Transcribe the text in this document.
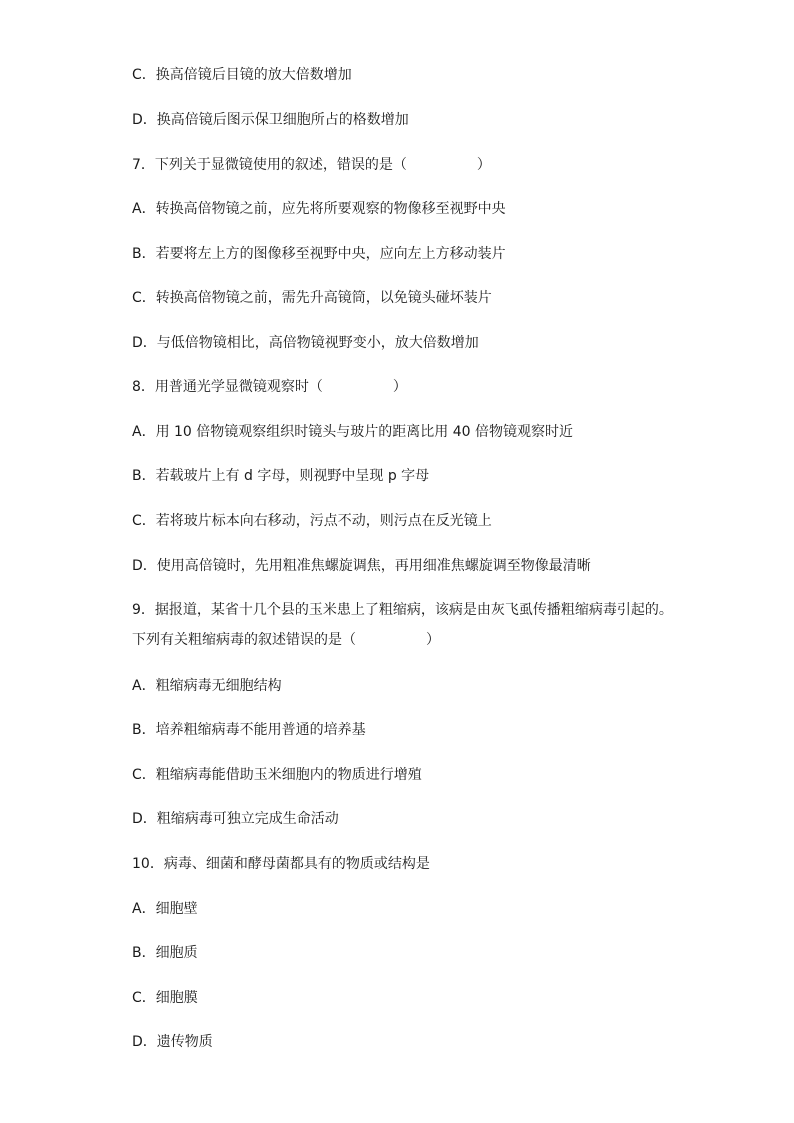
C．换高倍镜后目镜的放大倍数增加
D．换高倍镜后图示保卫细胞所占的格数增加
7．下列关于显微镜使用的叙述，错误的是（　　　　　）
A．转换高倍物镜之前，应先将所要观察的物像移至视野中央
B．若要将左上方的图像移至视野中央，应向左上方移动装片
C．转换高倍物镜之前，需先升高镜筒，以免镜头碰坏装片
D．与低倍物镜相比，高倍物镜视野变小，放大倍数增加
8．用普通光学显微镜观察时（　　　　　）
A．用 10 倍物镜观察组织时镜头与玻片的距离比用 40 倍物镜观察时近
B．若载玻片上有 d 字母，则视野中呈现 p 字母
C．若将玻片标本向右移动，污点不动，则污点在反光镜上
D．使用高倍镜时，先用粗准焦螺旋调焦，再用细准焦螺旋调至物像最清晰
9．据报道，某省十几个县的玉米患上了粗缩病，该病是由灰飞虱传播粗缩病毒引起的。
下列有关粗缩病毒的叙述错误的是（　　　　　）
A．粗缩病毒无细胞结构
B．培养粗缩病毒不能用普通的培养基
C．粗缩病毒能借助玉米细胞内的物质进行增殖
D．粗缩病毒可独立完成生命活动
10．病毒、细菌和酵母菌都具有的物质或结构是
A．细胞壁
B．细胞质
C．细胞膜
D．遗传物质
